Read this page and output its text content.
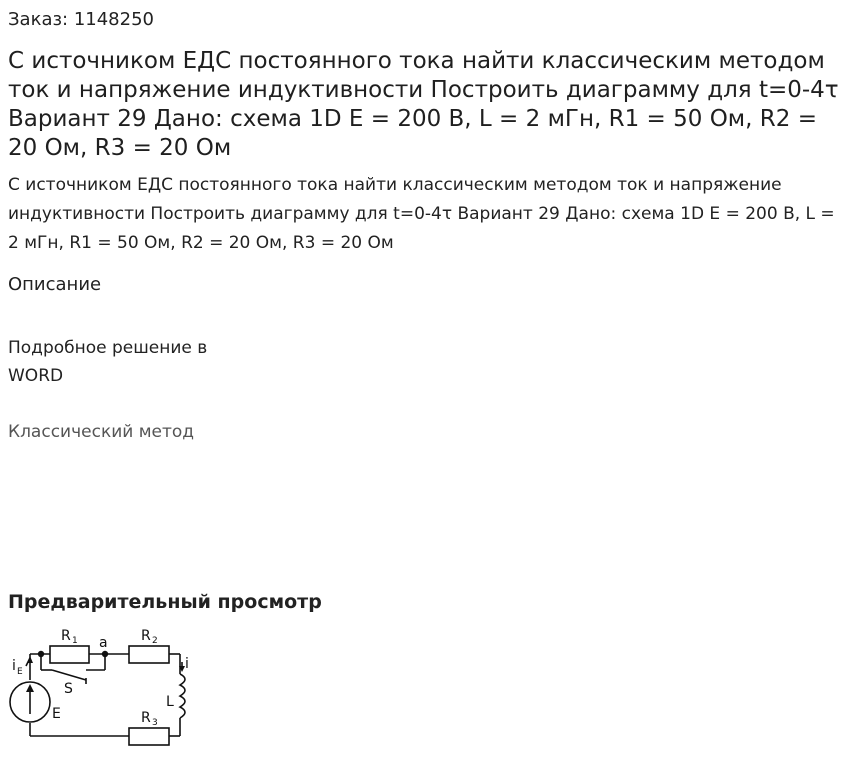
Заказ: 1148250
С источником ЕДС постоянного тока найти классическим методом ток и напряжение индуктивности Построить диаграмму для t=0-4τ Вариант 29 Дано: схема 1D E = 200 В, L = 2 мГн, R1 = 50 Ом, R2 = 20 Ом, R3 = 20 Ом
С источником ЕДС постоянного тока найти классическим методом ток и напряжение индуктивности Построить диаграмму для t=0-4τ Вариант 29 Дано: схема 1D E = 200 В, L = 2 мГн, R1 = 50 Ом, R2 = 20 Ом, R3 = 20 Ом
Описание
Подробное решение в
WORD
Классический метод
Предварительный просмотр
R 1 a R 2
i E	i
S
L
E	R 3
